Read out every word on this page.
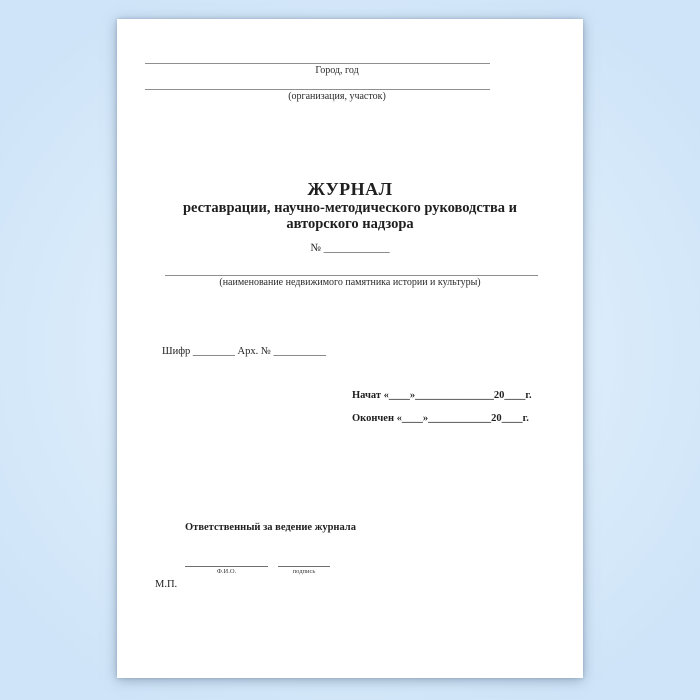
Город, год
(организация, участок)
ЖУРНАЛ
реставрации, научно-методического руководства и
авторского надзора
№ ____________
(наименование недвижимого памятника истории и культуры)
Шифр ________ Арх. № __________
Начат «____»_______________20____г.
Окончен «____»____________20____г.
Ответственный за ведение журнала
Ф.И.О.	подпись
М.П.
